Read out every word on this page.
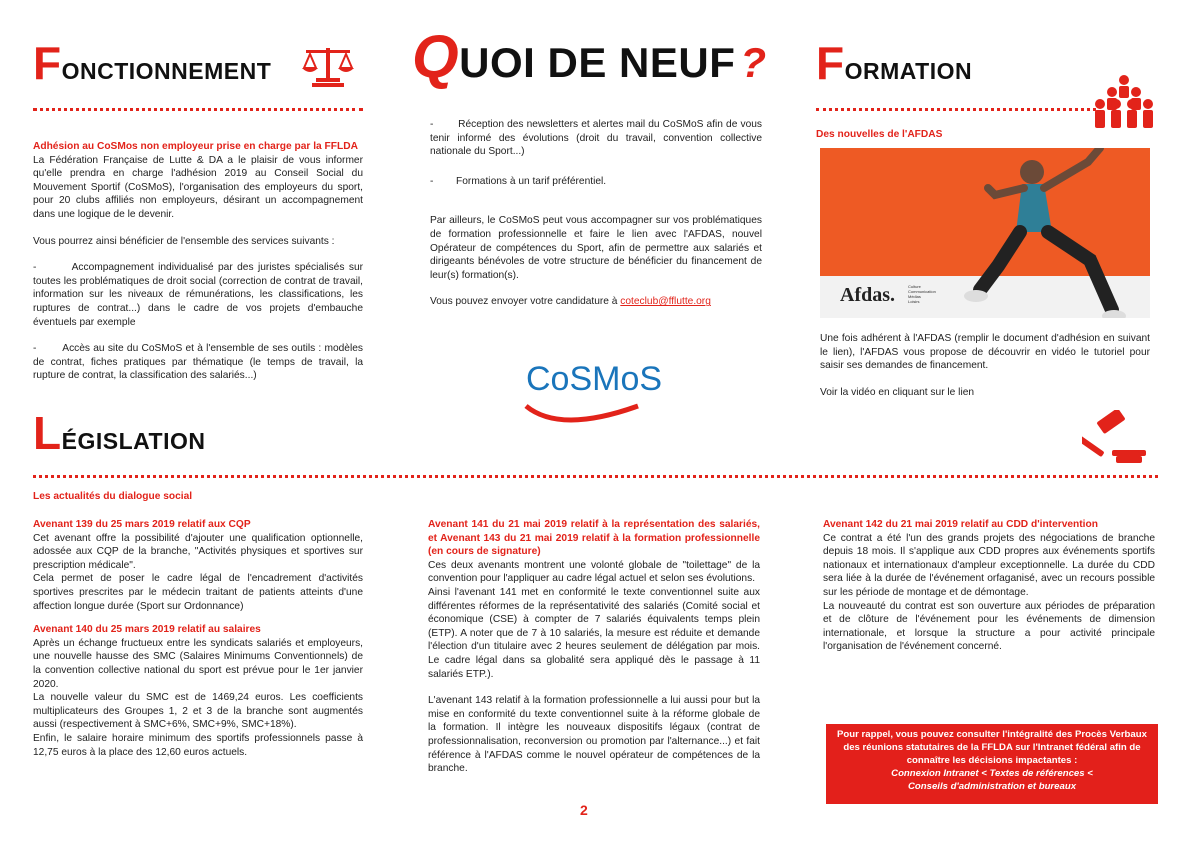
FONCTIONNEMENT

Adhésion au CoSMos non employeur prise en charge par la FFLDA

La Fédération Française de Lutte & DA a le plaisir de vous informer qu'elle prendra en charge l'adhésion 2019 au Conseil Social du Mouvement Sportif (CoSMoS), l'organisation des employeurs du sport, pour 20 clubs affiliés non employeurs, désirant un accompagnement dans une logique de le devenir.

Vous pourrez ainsi bénéficier de l'ensemble des services suivants :

-        Accompagnement individualisé par des juristes spécialisés sur toutes les problématiques de droit social (correction de contrat de travail, information sur les niveaux de rémunérations, les classifications, les ruptures de contrat...) dans le cadre de vos projets d'embauche éventuels par exemple

-        Accès au site du CoSMoS et à l'ensemble de ses outils : modèles de contrat, fiches pratiques par thématique (le temps de travail, la rupture de contrat, la classification des salariés...)

QUOI DE NEUF ?

-        Réception des newsletters et alertes mail du CoSMoS afin de vous tenir informé des évolutions (droit du travail, convention collective nationale du Sport...)

-        Formations à un tarif préférentiel.

Par ailleurs, le CoSMoS peut vous accompagner sur vos problématiques de formation professionnelle et faire le lien avec l'AFDAS, nouvel Opérateur de compétences du Sport, afin de permettre aux salariés et dirigeants bénévoles de votre structure de bénéficier du financement de leur(s) formation(s).

Vous pouvez envoyer votre candidature à coteclub@fflutte.org

CoSMoS
FORMATION
Des nouvelles de l'AFDAS
Afdas.	Culture
Communication
Médias
Loisirs

Une fois adhérent à l'AFDAS (remplir le document d'adhésion en suivant le lien), l'AFDAS vous propose de découvrir en vidéo le tutoriel pour saisir ses demandes de financement.

Voir la vidéo en cliquant sur le lien

LÉGISLATION
Les actualités du dialogue social

Avenant 139 du 25 mars 2019 relatif aux CQP

Cet avenant offre la possibilité d'ajouter une qualification optionnelle, adossée aux CQP de la branche, "Activités physiques et sportives sur prescription médicale".

Cela permet de poser le cadre légal de l'encadrement d'activités sportives prescrites par le médecin traitant de patients atteints d'une affection longue durée (Sport sur Ordonnance)

Avenant 140 du 25 mars 2019 relatif au salaires

Après un échange fructueux entre les syndicats salariés et employeurs, une nouvelle hausse des SMC (Salaires Minimums Conventionnels) de la convention collective national du sport est prévue pour le 1er janvier 2020.

La nouvelle valeur du SMC est de 1469,24 euros. Les coefficients multiplicateurs des Groupes 1, 2 et 3 de la branche sont augmentés aussi (respectivement à SMC+6%, SMC+9%, SMC+18%).

Enfin, le salaire horaire minimum des sportifs professionnels passe à 12,75 euros à la place des 12,60 euros actuels.

Avenant 141 du 21 mai 2019 relatif à la représentation des salariés, et Avenant 143 du 21 mai 2019 relatif à la formation professionnelle (en cours de signature)

Ces deux avenants montrent une volonté globale de "toilettage" de la convention pour l'appliquer au cadre légal actuel et selon ses évolutions.

Ainsi l'avenant 141 met en conformité le texte conventionnel suite aux différentes réformes de la représentativité des salariés (Comité social et économique (CSE) à compter de 7 salariés équivalents temps plein (ETP). A noter que de 7 à 10 salariés, la mesure est réduite et demande l'élection d'un titulaire avec 2 heures seulement de délégation par mois. Le cadre légal dans sa globalité sera appliqué dès le passage à 11 salariés ETP.).

L'avenant 143 relatif à la formation professionnelle a lui aussi pour but la mise en conformité du texte conventionnel suite à la réforme globale de la formation. Il intègre les nouveaux dispositifs légaux (contrat de professionnalisation, reconversion ou promotion par l'alternance...) et fait référence à l'AFDAS comme le nouvel opérateur de compétences de la branche.

Avenant 142 du 21 mai 2019 relatif au CDD d'intervention

Ce contrat a été l'un des grands projets des négociations de branche depuis 18 mois. Il s'applique aux CDD propres aux événements sportifs nationaux et internationaux d'ampleur exceptionnelle. La durée du CDD sera liée à la durée de l'événement orfaganisé, avec un recours possible sur les période de montage et de démontage.

La nouveauté du contrat est son ouverture aux périodes de préparation et de clôture de l'événement pour les événements de dimension internationale, et lorsque la structure a pour activité principale l'organisation de l'événement concerné.

Pour rappel, vous pouvez consulter l'intégralité des Procès Verbaux des réunions statutaires de la FFLDA sur l'Intranet fédéral afin de connaître les décisions impactantes :
Connexion Intranet < Textes de références <
Conseils d'administration et bureaux
2
